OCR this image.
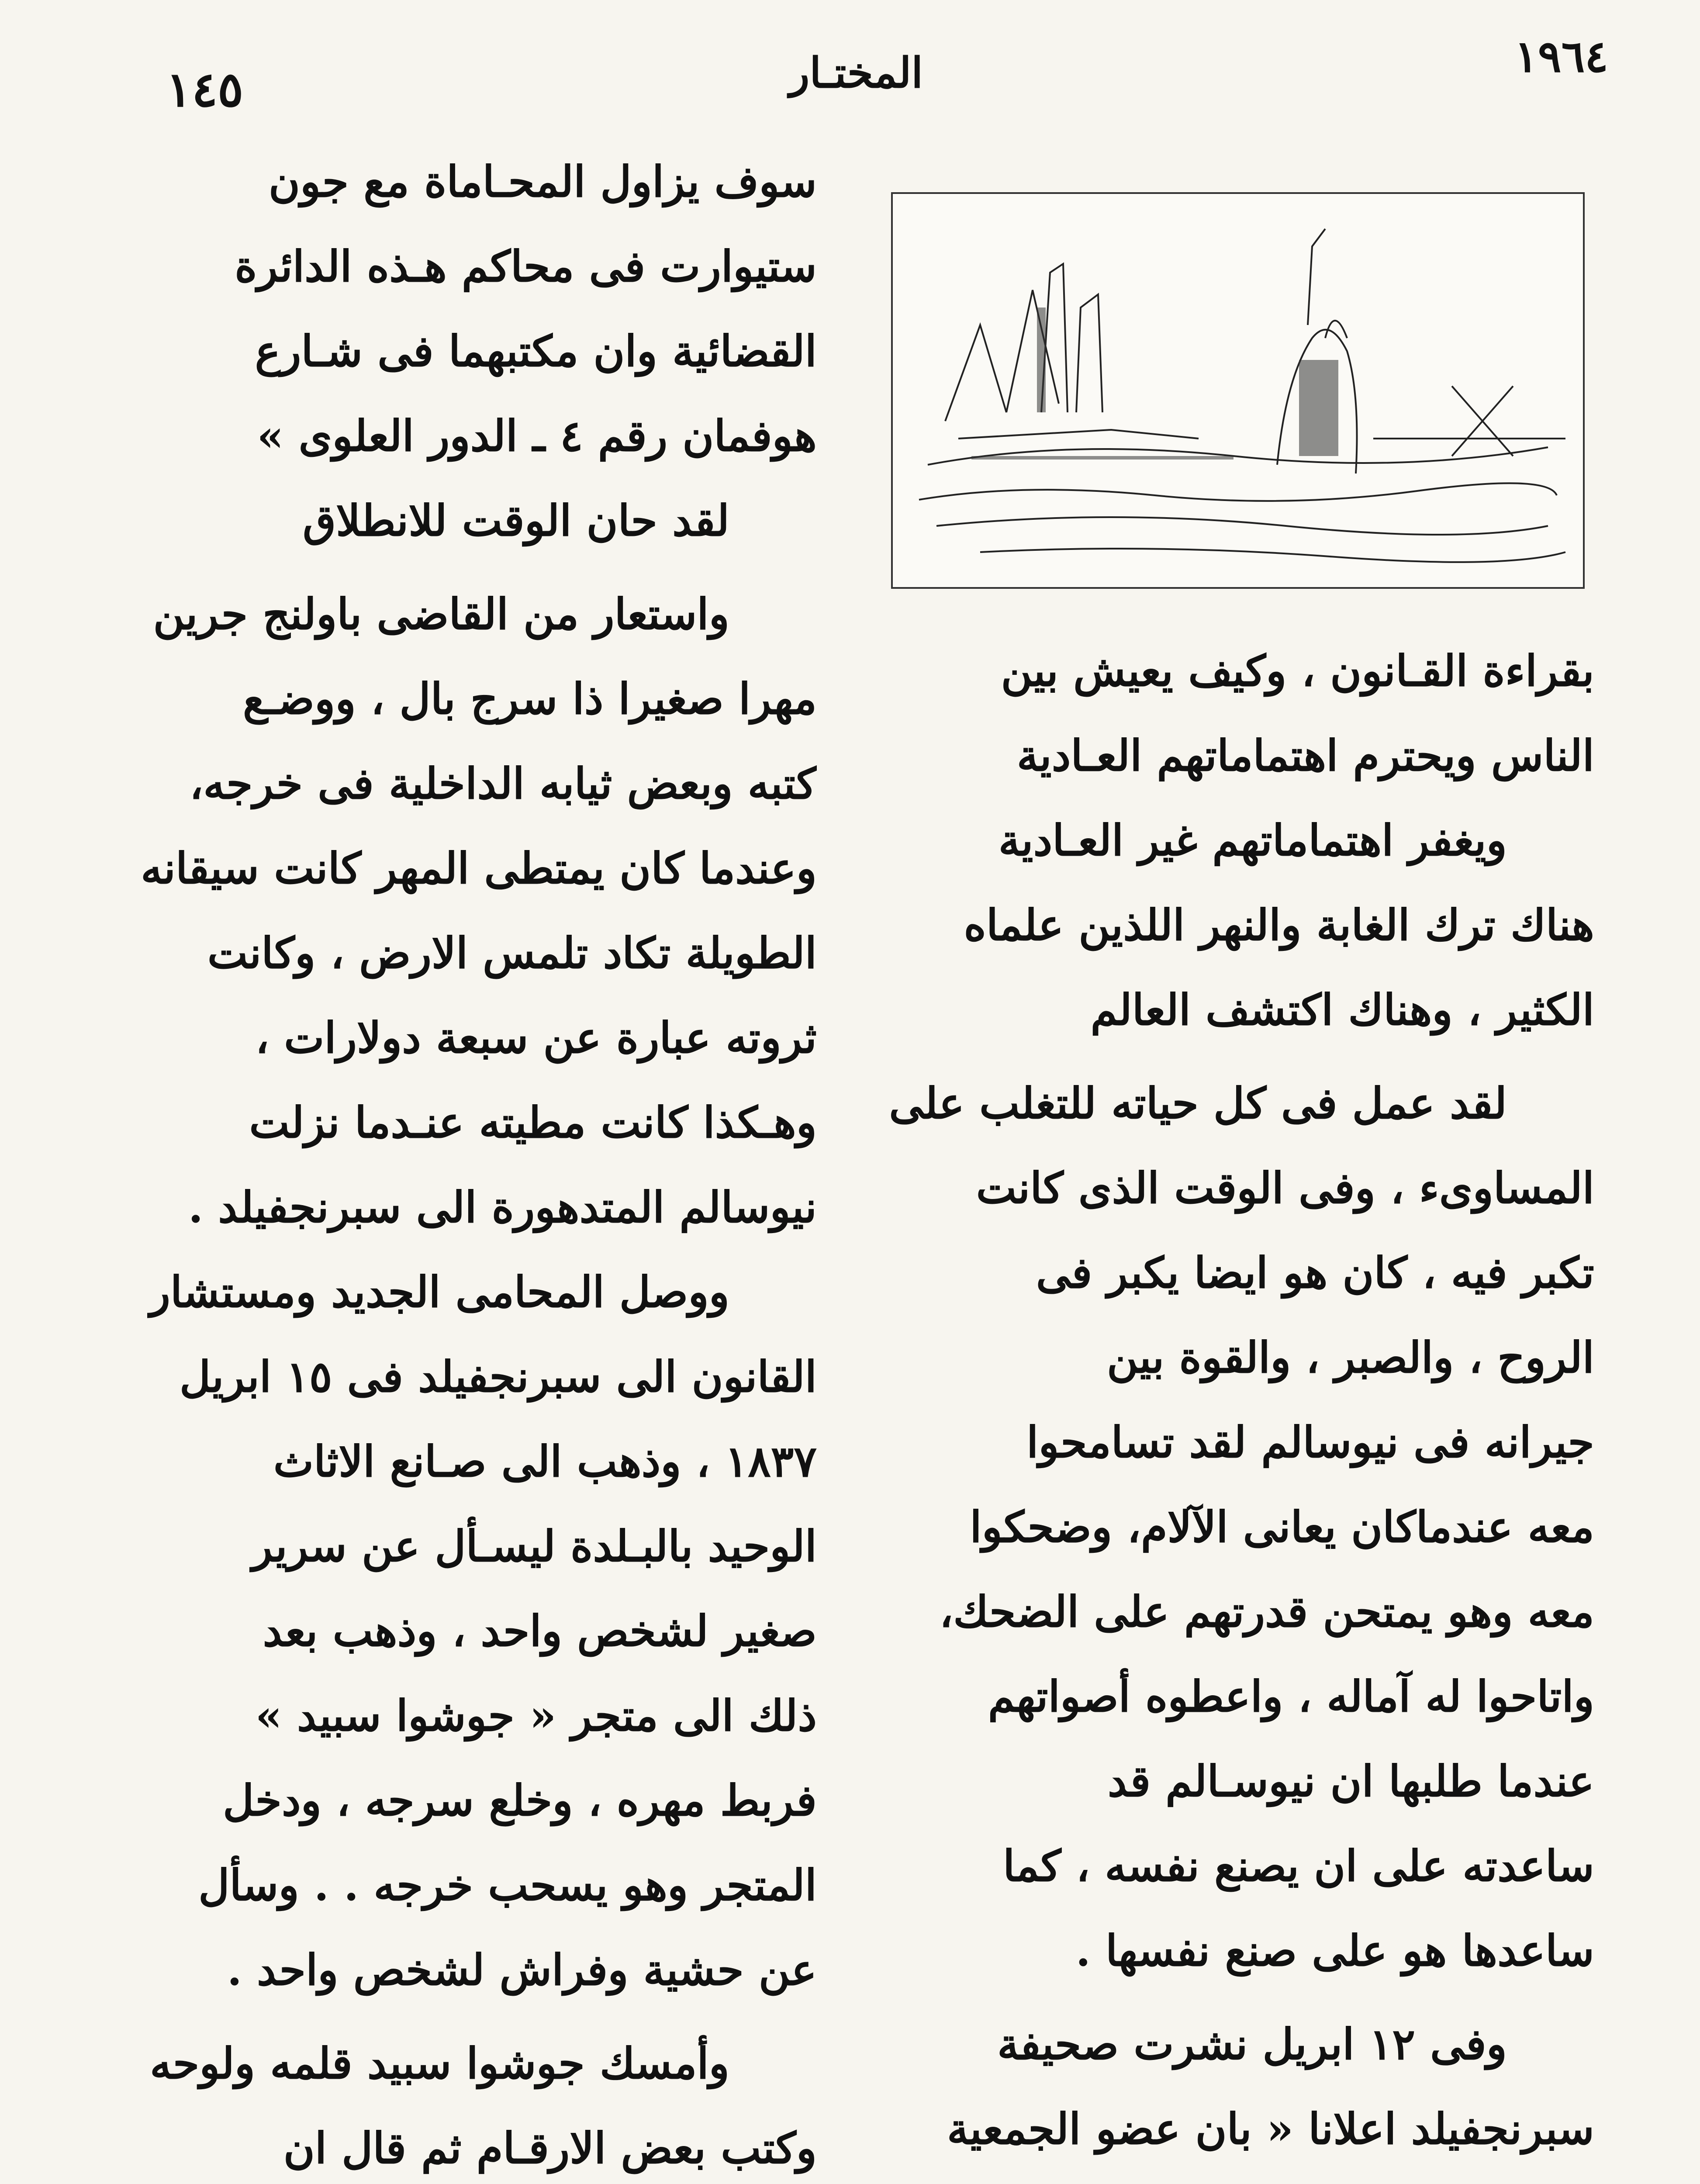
١٩٦٤
المختـار
١٤٥
بقراءة القـانون ، وكيف يعيش بين
الناس ويحترم اهتماماتهم العـادية
ويغفر اهتماماتهم غير العـادية
هناك ترك الغابة والنهر اللذين علماه
الكثير ، وهناك اكتشف العالم
لقد عمل فى كل حياته للتغلب على
المساوىء ، وفى الوقت الذى كانت
تكبر فيه ، كان هو ايضا يكبر فى
الروح ، والصبر ، والقوة بين
جيرانه فى نيوسالم لقد تسامحوا
معه عندماكان يعانى الآلام، وضحكوا
معه وهو يمتحن قدرتهم على الضحك،
واتاحوا له آماله ، واعطوه أصواتهم
عندما طلبها ان نيوسـالم قد
ساعدته على ان يصنع نفسه ، كما
ساعدها هو على صنع نفسها .
وفى ١٢ ابريل نشرت صحيفة
سبرنجفيلد اعلانا « بان عضو الجمعية
سوف يزاول المحـاماة مع جون
ستيوارت فى محاكم هـذه الدائرة
القضائية وان مكتبهما فى شـارع
هوفمان رقم ٤ ـ الدور العلوى »
لقد حان الوقت للانطلاق
واستعار من القاضى باولنج جرين
مهرا صغيرا ذا سرج بال ، ووضـع
كتبه وبعض ثيابه الداخلية فى خرجه،
وعندما كان يمتطى المهر كانت سيقانه
الطويلة تكاد تلمس الارض ، وكانت
ثروته عبارة عن سبعة دولارات ،
وهـكذا كانت مطيته عنـدما نزلت
نيوسالم المتدهورة الى سبرنجفيلد .
ووصل المحامى الجديد ومستشار
القانون الى سبرنجفيلد فى ١٥ ابريل
١٨٣٧ ، وذهب الى صـانع الاثاث
الوحيد بالبـلدة ليسـأل عن سرير
صغير لشخص واحد ، وذهب بعد
ذلك الى متجر « جوشوا سبيد »
فربط مهره ، وخلع سرجه ، ودخل
المتجر وهو يسحب خرجه . . وسأل
عن حشية وفراش لشخص واحد .
وأمسك جوشوا سبيد قلمه ولوحه
وكتب بعض الارقـام ثم قال ان
